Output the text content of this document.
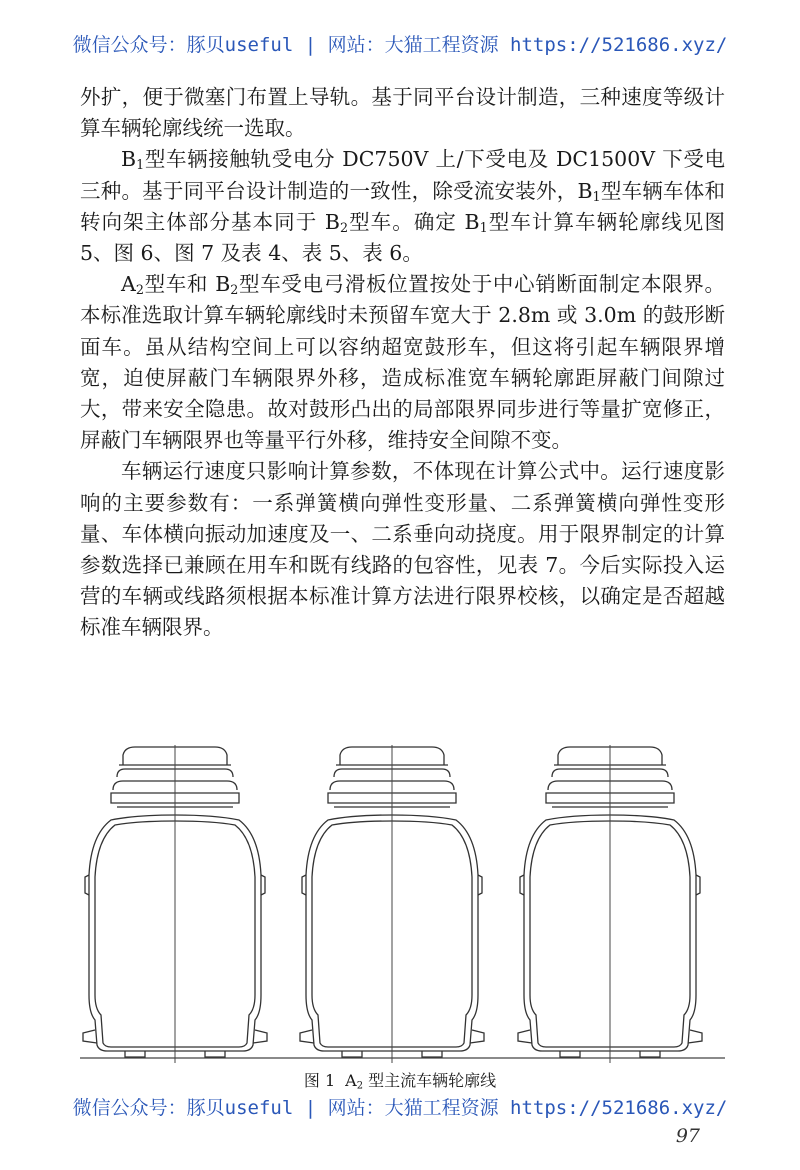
微信公众号：豚贝useful | 网站：大猫工程资源 https://521686.xyz/

外扩，便于微塞门布置上导轨。基于同平台设计制造，三种速度等级计算车辆轮廓线统一选取。

$B_1$型车辆接触轨受电分 DC750V 上/下受电及 DC1500V 下受电三种。基于同平台设计制造的一致性，除受流安装外，$B_1$型车辆车体和转向架主体部分基本同于 $B_2$型车。确定 $B_1$型车计算车辆轮廓线见图 5、图 6、图 7 及表 4、表 5、表 6。

$A_2$型车和 $B_2$型车受电弓滑板位置按处于中心销断面制定本限界。本标准选取计算车辆轮廓线时未预留车宽大于 2.8m 或 3.0m 的鼓形断面车。虽从结构空间上可以容纳超宽鼓形车，但这将引起车辆限界增宽，迫使屏蔽门车辆限界外移，造成标准宽车辆轮廓距屏蔽门间隙过大，带来安全隐患。故对鼓形凸出的局部限界同步进行等量扩宽修正，屏蔽门车辆限界也等量平行外移，维持安全间隙不变。

车辆运行速度只影响计算参数，不体现在计算公式中。运行速度影响的主要参数有：一系弹簧横向弹性变形量、二系弹簧横向弹性变形量、车体横向振动加速度及一、二系垂向动挠度。用于限界制定的计算参数选择已兼顾在用车和既有线路的包容性，见表 7。今后实际投入运营的车辆或线路须根据本标准计算方法进行限界校核，以确定是否超越标准车辆限界。

图 1 $A_2$ 型主流车辆轮廓线
微信公众号：豚贝useful | 网站：大猫工程资源 https://521686.xyz/
97
